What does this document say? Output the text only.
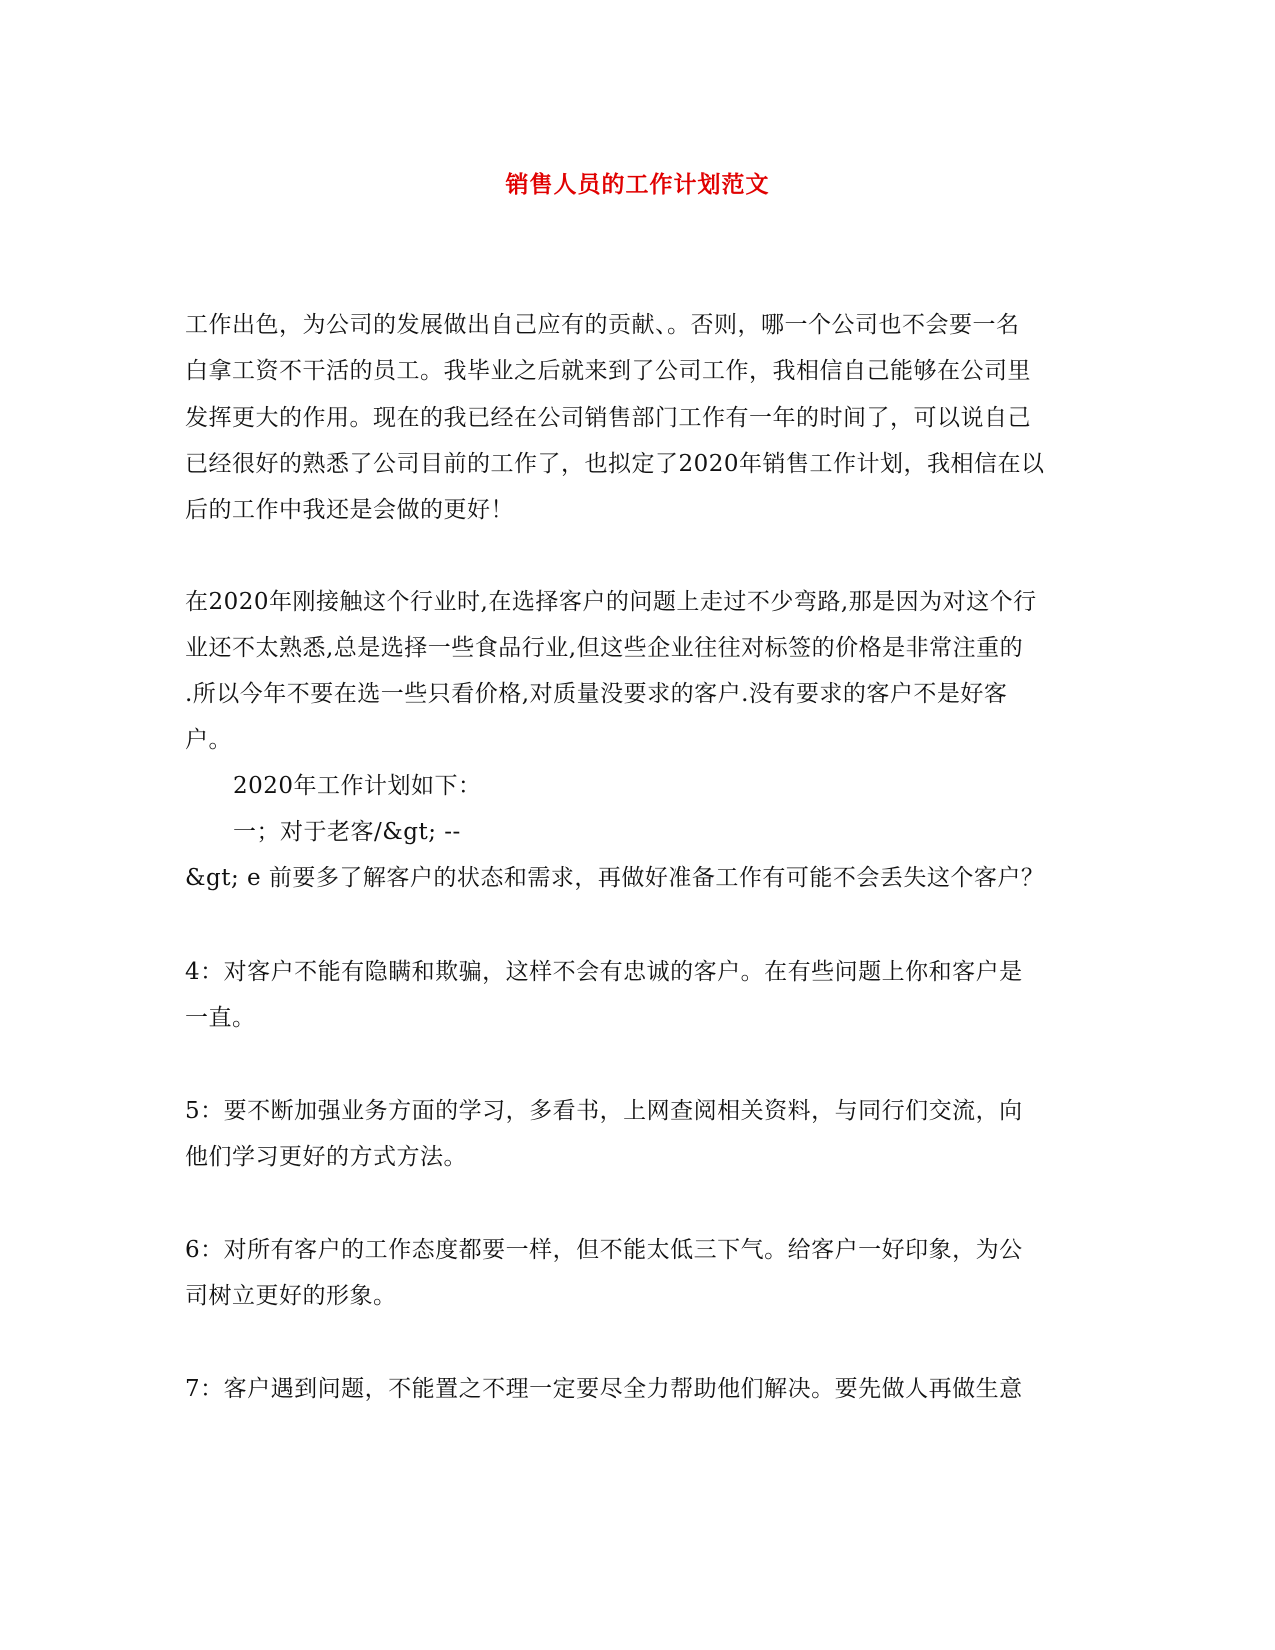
销售人员的工作计划范文
工作出色，为公司的发展做出自己应有的贡献、。否则，哪一个公司也不会要一名
白拿工资不干活的员工。我毕业之后就来到了公司工作，我相信自己能够在公司里
发挥更大的作用。现在的我已经在公司销售部门工作有一年的时间了，可以说自己
已经很好的熟悉了公司目前的工作了，也拟定了2020年销售工作计划，我相信在以
后的工作中我还是会做的更好！
在2020年刚接触这个行业时,在选择客户的问题上走过不少弯路,那是因为对这个行
业还不太熟悉,总是选择一些食品行业,但这些企业往往对标签的价格是非常注重的
.所以今年不要在选一些只看价格,对质量没要求的客户.没有要求的客户不是好客
户。
2020年工作计划如下：
一；对于老客/&gt; --
&gt; e 前要多了解客户的状态和需求，再做好准备工作有可能不会丢失这个客户？
4：对客户不能有隐瞒和欺骗，这样不会有忠诚的客户。在有些问题上你和客户是
一直。
5：要不断加强业务方面的学习，多看书，上网查阅相关资料，与同行们交流，向
他们学习更好的方式方法。
6：对所有客户的工作态度都要一样，但不能太低三下气。给客户一好印象，为公
司树立更好的形象。
7：客户遇到问题，不能置之不理一定要尽全力帮助他们解决。要先做人再做生意
